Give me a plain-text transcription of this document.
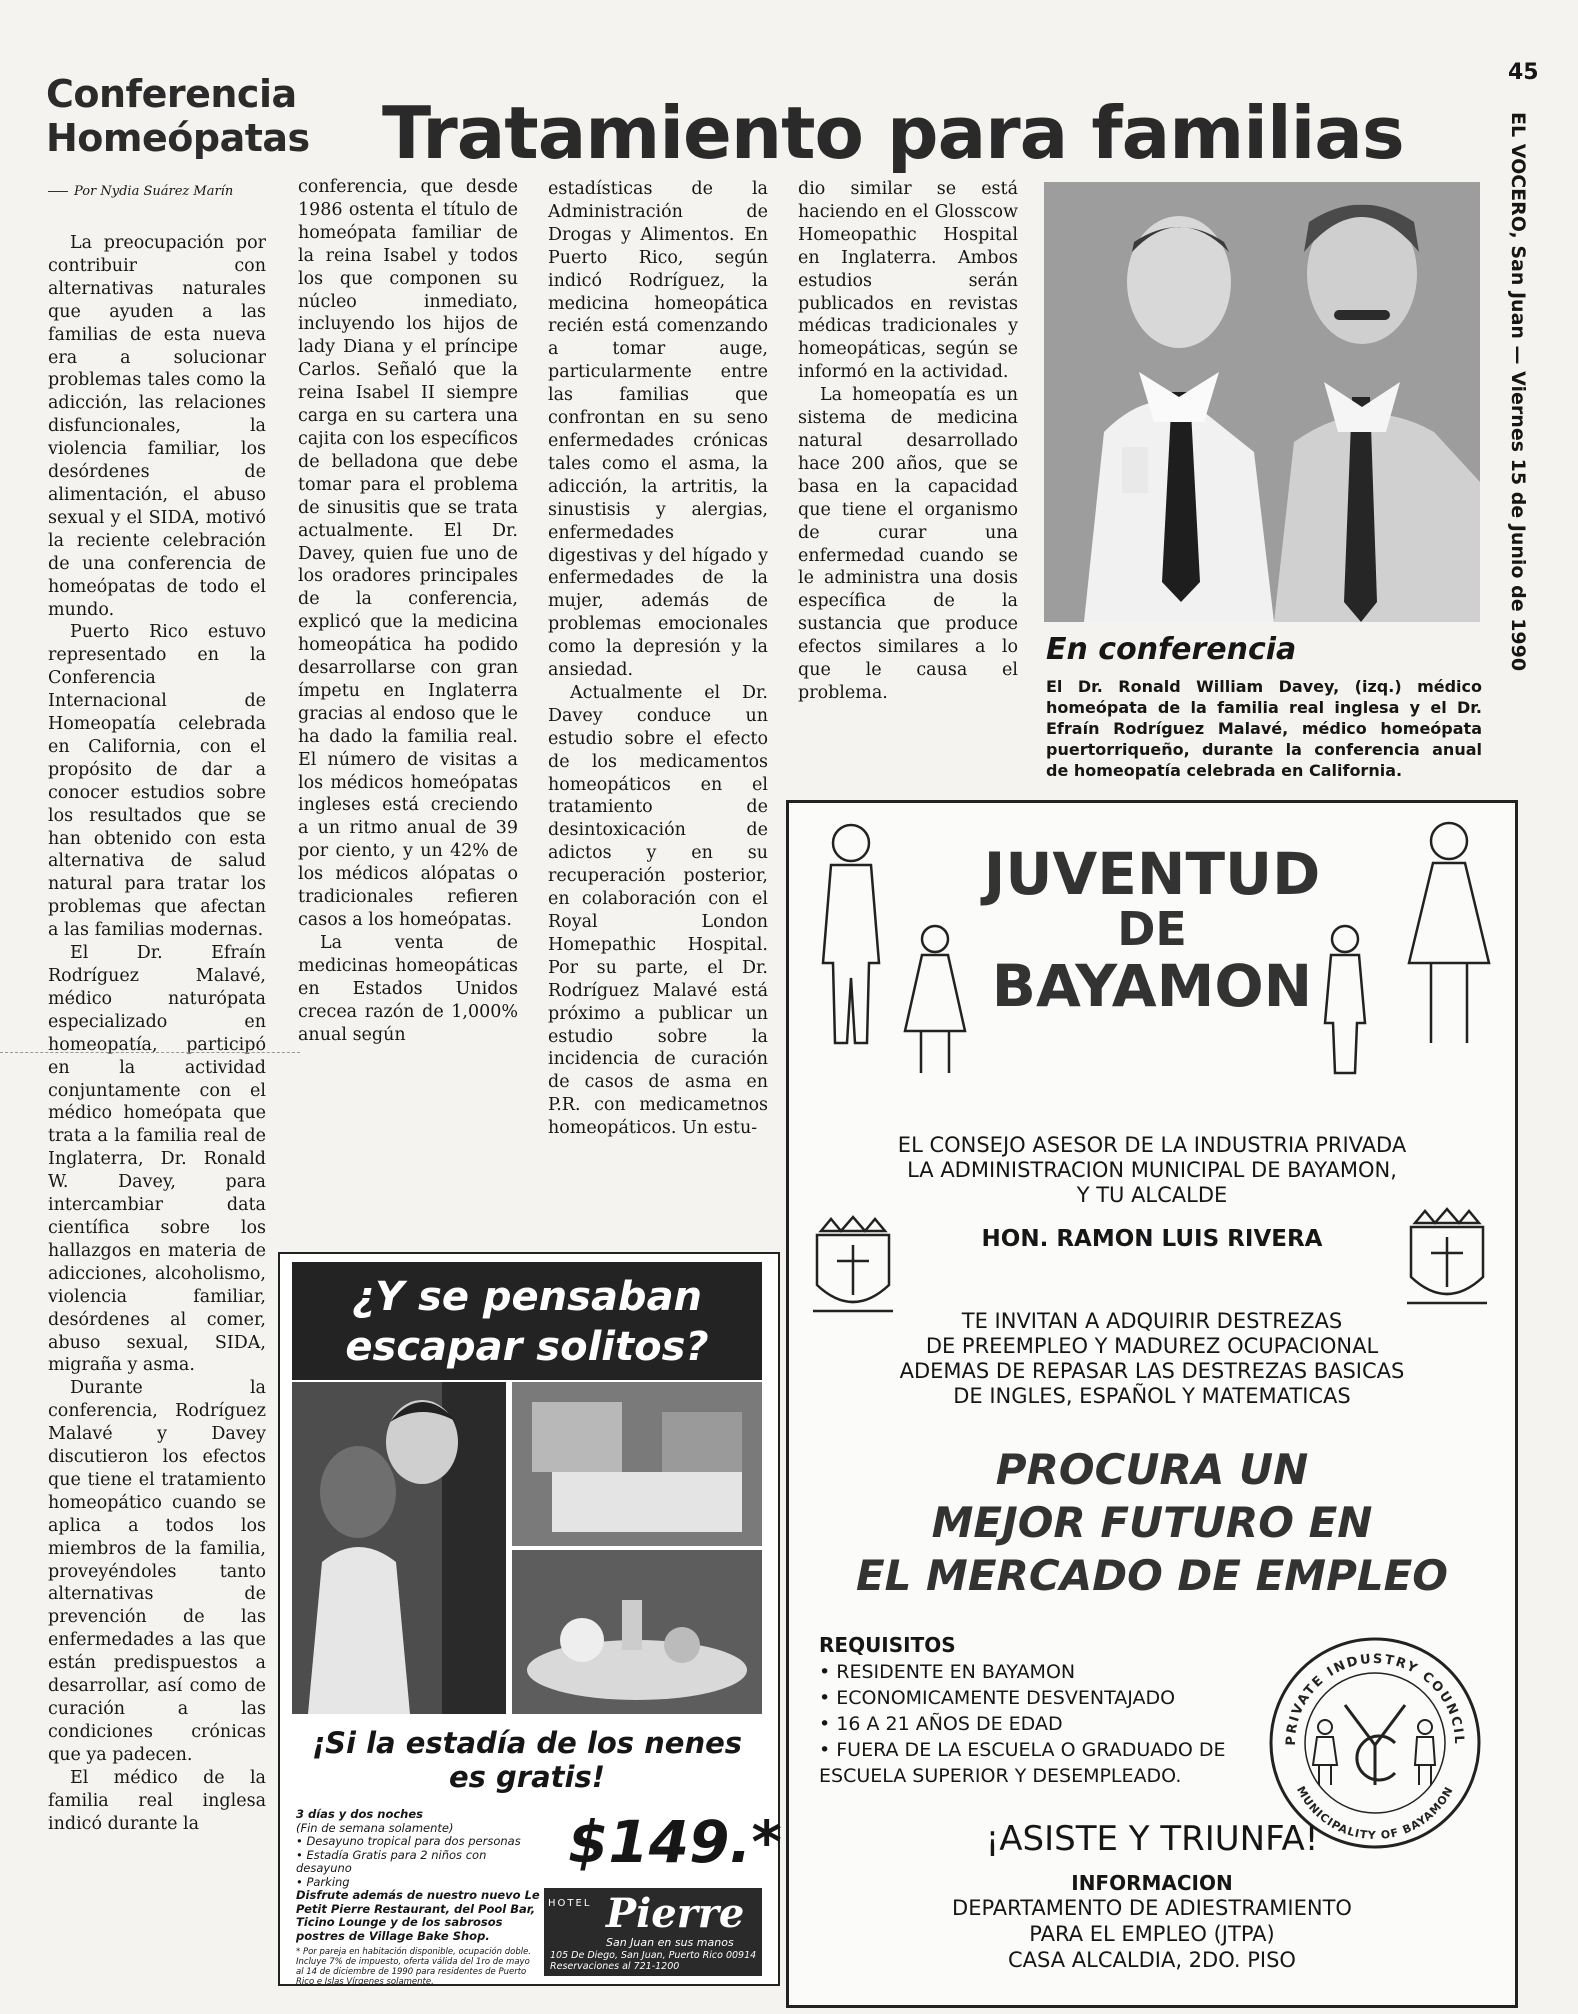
45
EL VOCERO, San Juan — Viernes 15 de Junio de 1990
Conferencia
Homeópatas	Tratamiento para familias
Por Nydia Suárez Marín

La preocupación por contribuir con alternativas naturales que ayuden a las familias de esta nueva era a solucionar problemas tales como la adicción, las relaciones disfuncionales, la violencia familiar, los desórdenes de alimentación, el abuso sexual y el SIDA, motivó la reciente celebración de una conferencia de homeópatas de todo el mundo.

Puerto Rico estuvo representado en la Conferencia Internacional de Homeopatía celebrada en California, con el propósito de dar a conocer estudios sobre los resultados que se han obtenido con esta alternativa de salud natural para tratar los problemas que afectan a las familias modernas.

El Dr. Efraín Rodríguez Malavé, médico naturópata especializado en homeopatía, participó en la actividad conjuntamente con el médico homeópata que trata a la familia real de Inglaterra, Dr. Ronald W. Davey, para intercambiar data científica sobre los hallazgos en materia de adicciones, alcoholismo, violencia familiar, desórdenes al comer, abuso sexual, SIDA, migraña y asma.

Durante la conferencia, Rodríguez Malavé y Davey discutieron los efectos que tiene el tratamiento homeopático cuando se aplica a todos los miembros de la familia, proveyéndoles tanto alternativas de prevención de las enfermedades a las que están predispuestos a desarrollar, así como de curación a las condiciones crónicas que ya padecen.

El médico de la familia real inglesa indicó durante la

conferencia, que desde 1986 ostenta el título de homeópata familiar de la reina Isabel y todos los que componen su núcleo inmediato, incluyendo los hijos de lady Diana y el príncipe Carlos. Señaló que la reina Isabel II siempre carga en su cartera una cajita con los específicos de belladona que debe tomar para el problema de sinusitis que se trata actualmente. El Dr. Davey, quien fue uno de los oradores principales de la conferencia, explicó que la medicina homeopática ha podido desarrollarse con gran ímpetu en Inglaterra gracias al endoso que le ha dado la familia real. El número de visitas a los médicos homeópatas ingleses está creciendo a un ritmo anual de 39 por ciento, y un 42% de los médicos alópatas o tradicionales refieren casos a los homeópatas.

La venta de medicinas homeopáticas en Estados Unidos crecea razón de 1,000% anual según

estadísticas de la Administración de Drogas y Alimentos. En Puerto Rico, según indicó Rodríguez, la medicina homeopática recién está comenzando a tomar auge, particularmente entre las familias que confrontan en su seno enfermedades crónicas tales como el asma, la adicción, la artritis, la sinustisis y alergias, enfermedades digestivas y del hígado y enfermedades de la mujer, además de problemas emocionales como la depresión y la ansiedad.

Actualmente el Dr. Davey conduce un estudio sobre el efecto de los medicamentos homeopáticos en el tratamiento de desintoxicación de adictos y en su recuperación posterior, en colaboración con el Royal London Homepathic Hospital. Por su parte, el Dr. Rodríguez Malavé está próximo a publicar un estudio sobre la incidencia de curación de casos de asma en P.R. con medicametnos homeopáticos. Un estu-

dio similar se está haciendo en el Glosscow Homeopathic Hospital en Inglaterra. Ambos estudios serán publicados en revistas médicas tradicionales y homeopáticas, según se informó en la actividad.

La homeopatía es un sistema de medicina natural desarrollado hace 200 años, que se basa en la capacidad que tiene el organismo de curar una enfermedad cuando se le administra una dosis específica de la sustancia que produce efectos similares a lo que le causa el problema.

En conferencia
El Dr. Ronald William Davey, (izq.) médico homeópata de la familia real inglesa y el Dr. Efraín Rodríguez Malavé, médico homeópata puertorriqueño, durante la conferencia anual de homeopatía celebrada en California.
¿Y se pensaban escapar solitos?
¡Si la estadía de los nenes es gratis!
3 días y dos noches
(Fin de semana solamente)
• Desayuno tropical para dos personas
• Estadía Gratis para 2 niños con desayuno
• Parking
Disfrute además de nuestro nuevo Le Petit Pierre Restaurant, del Pool Bar, Ticino Lounge y de los sabrosos postres de Village Bake Shop.
* Por pareja en habitación disponible, ocupación doble. Incluye 7% de impuesto, oferta válida del 1ro de mayo al 14 de diciembre de 1990 para residentes de Puerto Rico e Islas Vírgenes solamente.
$149.*
HOTEL Pierre
San Juan en sus manos
105 De Diego, San Juan, Puerto Rico 00914
Reservaciones al 721-1200
JUVENTUD
DE
BAYAMON
EL CONSEJO ASESOR DE LA INDUSTRIA PRIVADA
LA ADMINISTRACION MUNICIPAL DE BAYAMON,
Y TU ALCALDE
HON. RAMON LUIS RIVERA
TE INVITAN A ADQUIRIR DESTREZAS
DE PREEMPLEO Y MADUREZ OCUPACIONAL
ADEMAS DE REPASAR LAS DESTREZAS BASICAS
DE INGLES, ESPAÑOL Y MATEMATICAS
PROCURA UN
MEJOR FUTURO EN
EL MERCADO DE EMPLEO
REQUISITOS
• RESIDENTE EN BAYAMON
• ECONOMICAMENTE DESVENTAJADO
• 16 A 21 AÑOS DE EDAD
• FUERA DE LA ESCUELA O GRADUADO DE ESCUELA SUPERIOR Y DESEMPLEADO.
PRIVATE INDUSTRY COUNCIL
MUNICIPALITY OF BAYAMON
¡ASISTE Y TRIUNFA!
INFORMACION
DEPARTAMENTO DE ADIESTRAMIENTO
PARA EL EMPLEO (JTPA)
CASA ALCALDIA, 2DO. PISO
